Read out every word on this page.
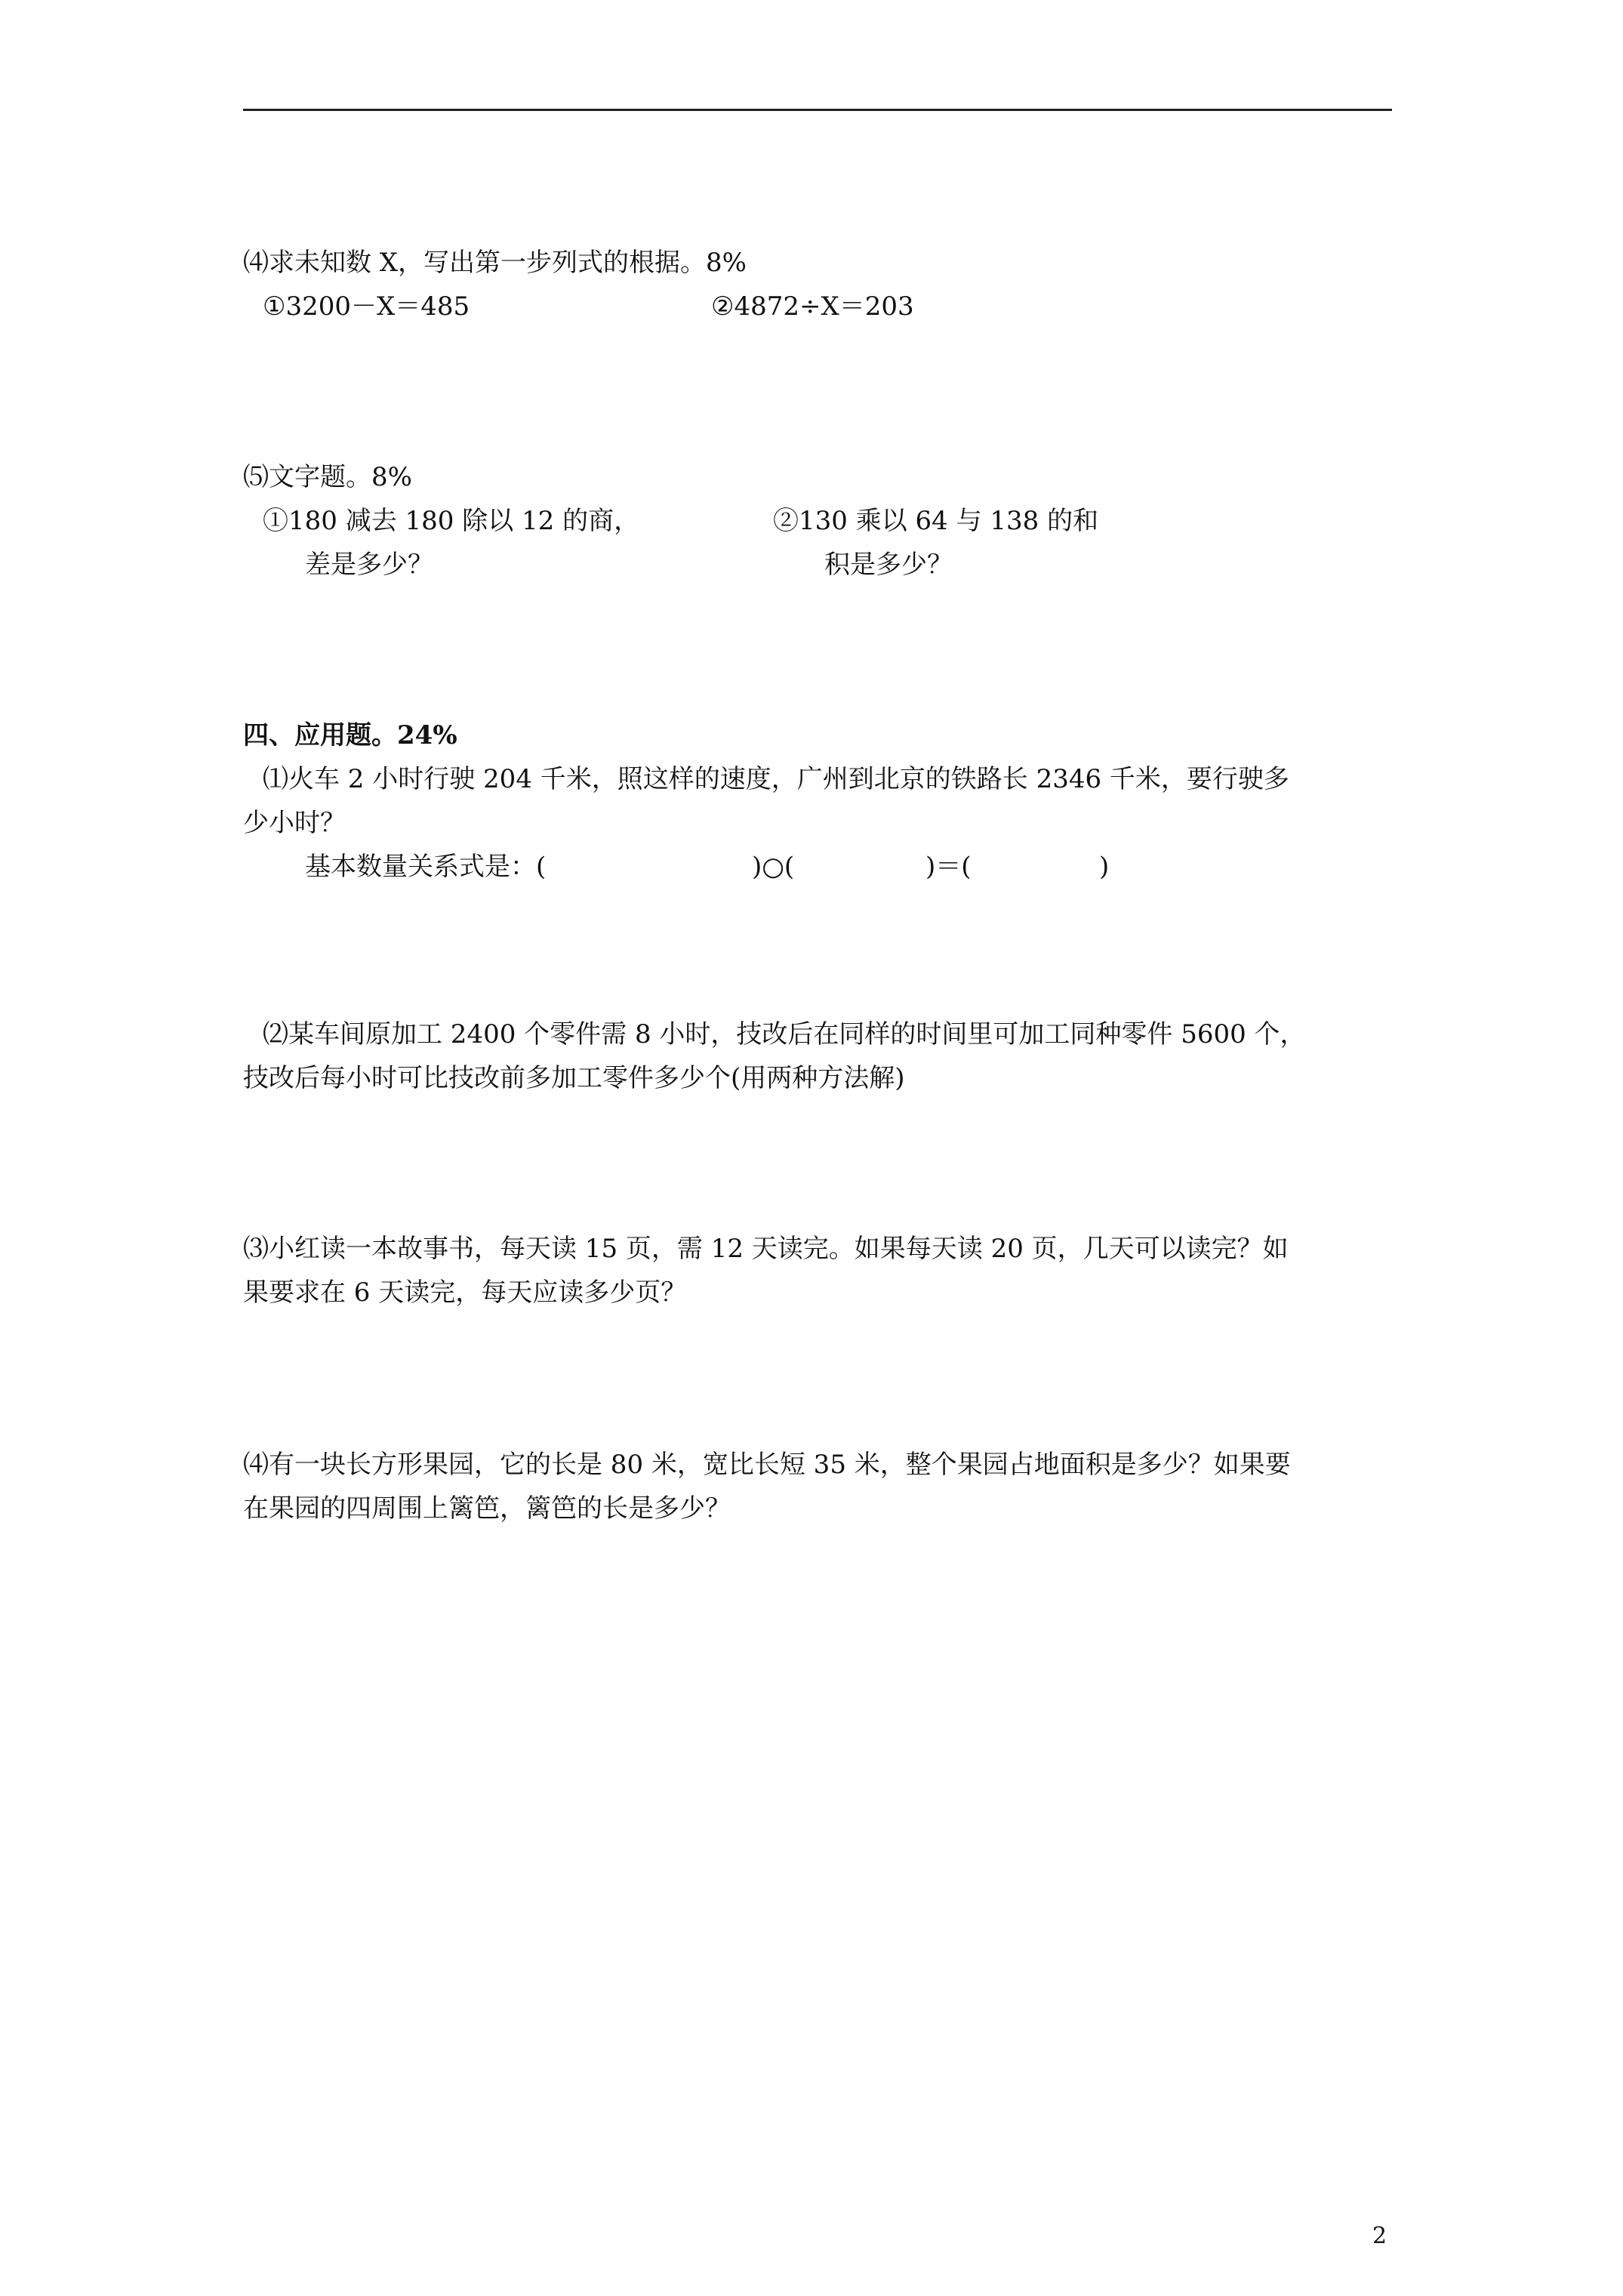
⑷求未知数 X，写出第一步列式的根据。8%
①3200－X＝485	②4872÷X＝203
⑸文字题。8%
①180 减去 180 除以 12 的商，
差是多少？
②130 乘以 64 与 138 的和
积是多少？
四、应用题。24%
⑴火车 2 小时行驶 204 千米，照这样的速度，广州到北京的铁路长 2346 千米，要行驶多
少小时？
基本数量关系式是：(	)○(	)＝(	)
⑵某车间原加工 2400 个零件需 8 小时，技改后在同样的时间里可加工同种零件 5600 个，
技改后每小时可比技改前多加工零件多少个(用两种方法解)
⑶小红读一本故事书，每天读 15 页，需 12 天读完。如果每天读 20 页，几天可以读完？如
果要求在 6 天读完，每天应读多少页？
⑷有一块长方形果园，它的长是 80 米，宽比长短 35 米，整个果园占地面积是多少？如果要
在果园的四周围上篱笆，篱笆的长是多少？
2
